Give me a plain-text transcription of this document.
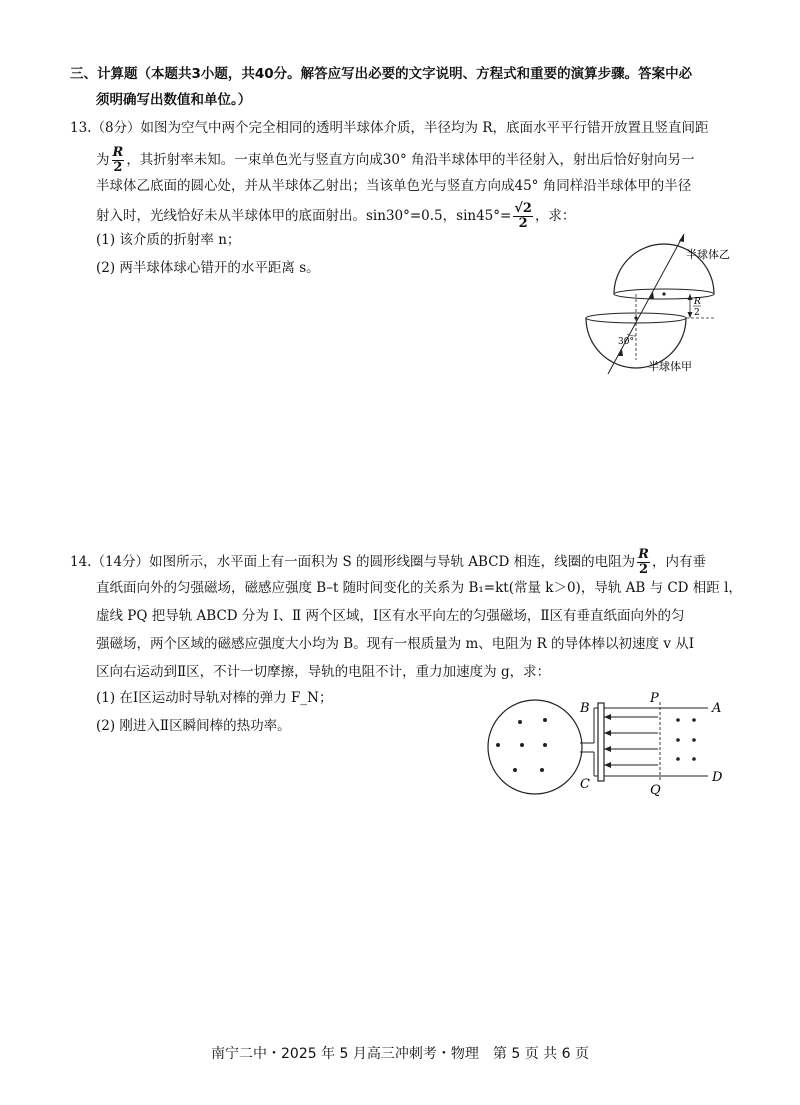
三、计算题（本题共3小题，共40分。解答应写出必要的文字说明、方程式和重要的演算步骤。答案中必
须明确写出数值和单位。）
13.（8分）如图为空气中两个完全相同的透明半球体介质，半径均为 R，底面水平平行错开放置且竖直间距
为 $\frac{R}{2}$ ，其折射率未知。一束单色光与竖直方向成30° 角沿半球体甲的半径射入，射出后恰好射向另一
半球体乙底面的圆心处，并从半球体乙射出；当该单色光与竖直方向成45° 角同样沿半球体甲的半径
射入时，光线恰好未从半球体甲的底面射出。sin30°=0.5，$\sin 45^\circ= \frac{√2}{2}$ ，求：
(1) 该介质的折射率 n；
(2) 两半球体球心错开的水平距离 s。
R
2
30°
半球体乙
半球体甲
14.（14分）如图所示，水平面上有一面积为 S 的圆形线圈与导轨 ABCD 相连，线圈的电阻为 $\frac{R}{2}$ ，内有垂
直纸面向外的匀强磁场，磁感应强度 B–t 随时间变化的关系为 B₁=kt(常量 k＞0)，导轨 AB 与 CD 相距 l，
虚线 PQ 把导轨 ABCD 分为 Ⅰ、Ⅱ 两个区域，Ⅰ区有水平向左的匀强磁场，Ⅱ区有垂直纸面向外的匀
强磁场，两个区域的磁感应强度大小均为 B。现有一根质量为 m、电阻为 R 的导体棒以初速度 v 从Ⅰ
区向右运动到Ⅱ区，不计一切摩擦，导轨的电阻不计，重力加速度为 g，求：
(1) 在Ⅰ区运动时导轨对棒的弹力 F_N；
(2) 刚进入Ⅱ区瞬间棒的热功率。
B
C
A
D
P
Q
南宁二中・2025 年 5 月高三冲刺考・物理　第 5 页 共 6 页
